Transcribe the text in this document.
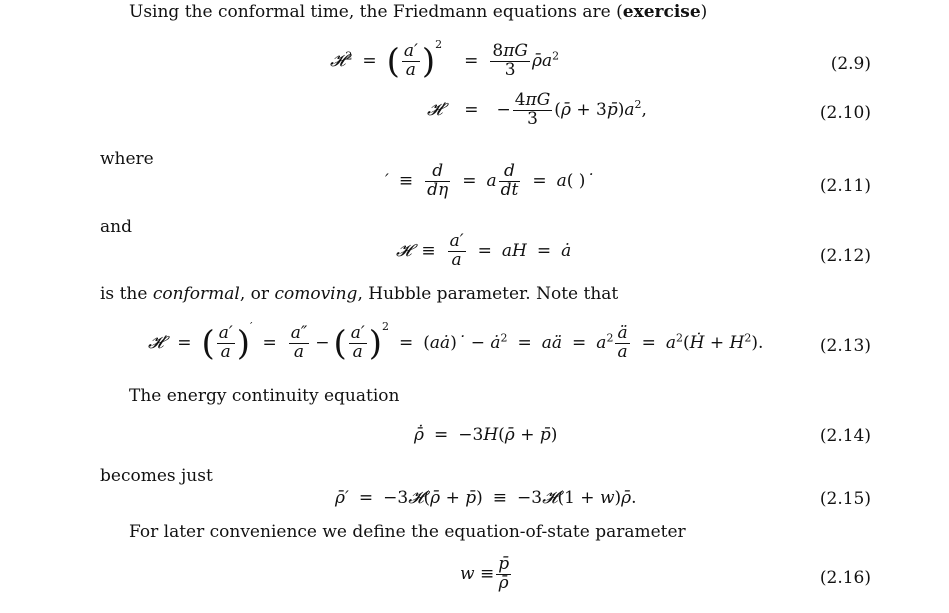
Using the conformal time, the Friedmann equations are (exercise)
𝓗$^2$ = ( $\frac{a'}{a} )^2= \frac{8\pi G}{3}$ $\rhōa^2$	(2.9)
𝓗′ = − $\frac{4\pi G}{3}$ (ρ̄ + $3p̄)a^2$,	(2.10)
where
′ ≡ $\frac{d}{d\eta} = a \frac{d}{dt} = a$( )˙	(2.11)
and
𝓗 ≡ $\frac{a'}{a}$ = aH = ȧ	(2.12)
is the conformal, or comoving, Hubble parameter. Note that
𝓗′ = ( $\frac{a'}{a} )'= \frac{a''}{a}$ − ( $\frac{a'}{a} )^2=$ (aȧ)˙ − $ȧ^2$ = aä = $a^2 \frac{ä}{a}$ = $a^2(Ḣ + H^2)$.	(2.13)
The energy continuity equation
ρ̄̇ = −3H(ρ̄ + p̄)	(2.14)
becomes just
ρ̄′ = −3𝓗(ρ̄ + p̄) ≡ −3𝓗(1 + w)ρ̄.	(2.15)
For later convenience we define the equation-of-state parameter
$w \equiv \frac{p̄}{\rhō}$	(2.16)
